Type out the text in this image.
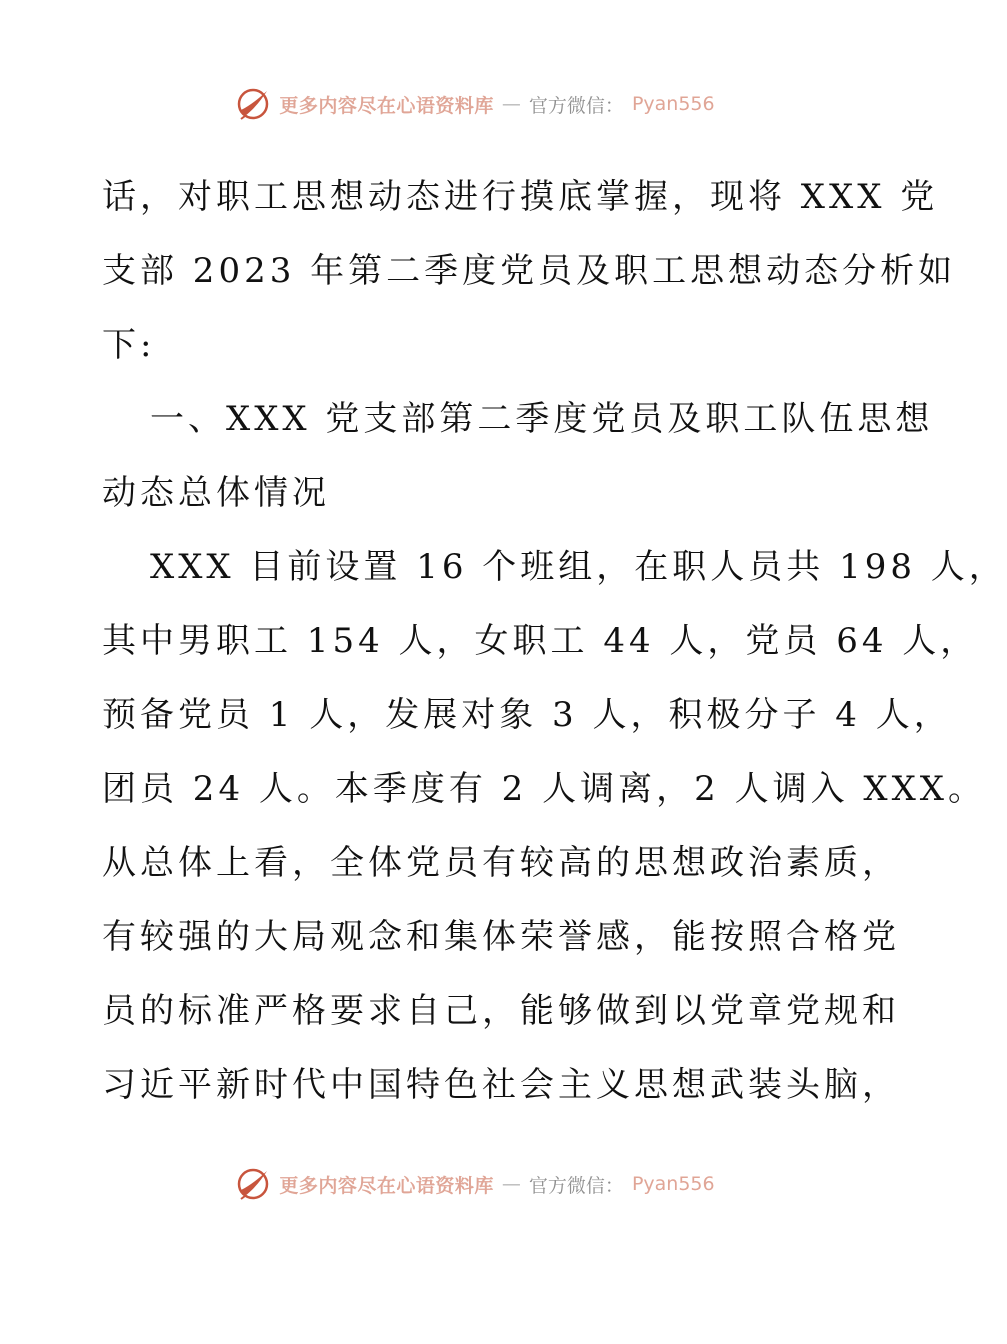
更多内容尽在心语资料库 — 官方微信： Pyan556
话，对职工思想动态进行摸底掌握，现将 XXX 党
支部 2023 年第二季度党员及职工思想动态分析如
下:
一、XXX 党支部第二季度党员及职工队伍思想
动态总体情况
XXX 目前设置 16 个班组，在职人员共 198 人，
其中男职工 154 人，女职工 44 人，党员 64 人，
预备党员 1 人，发展对象 3 人，积极分子 4 人，
团员 24 人。本季度有 2 人调离，2 人调入 XXX。
从总体上看，全体党员有较高的思想政治素质，
有较强的大局观念和集体荣誉感，能按照合格党
员的标准严格要求自己，能够做到以党章党规和
习近平新时代中国特色社会主义思想武装头脑，
更多内容尽在心语资料库 — 官方微信： Pyan556
